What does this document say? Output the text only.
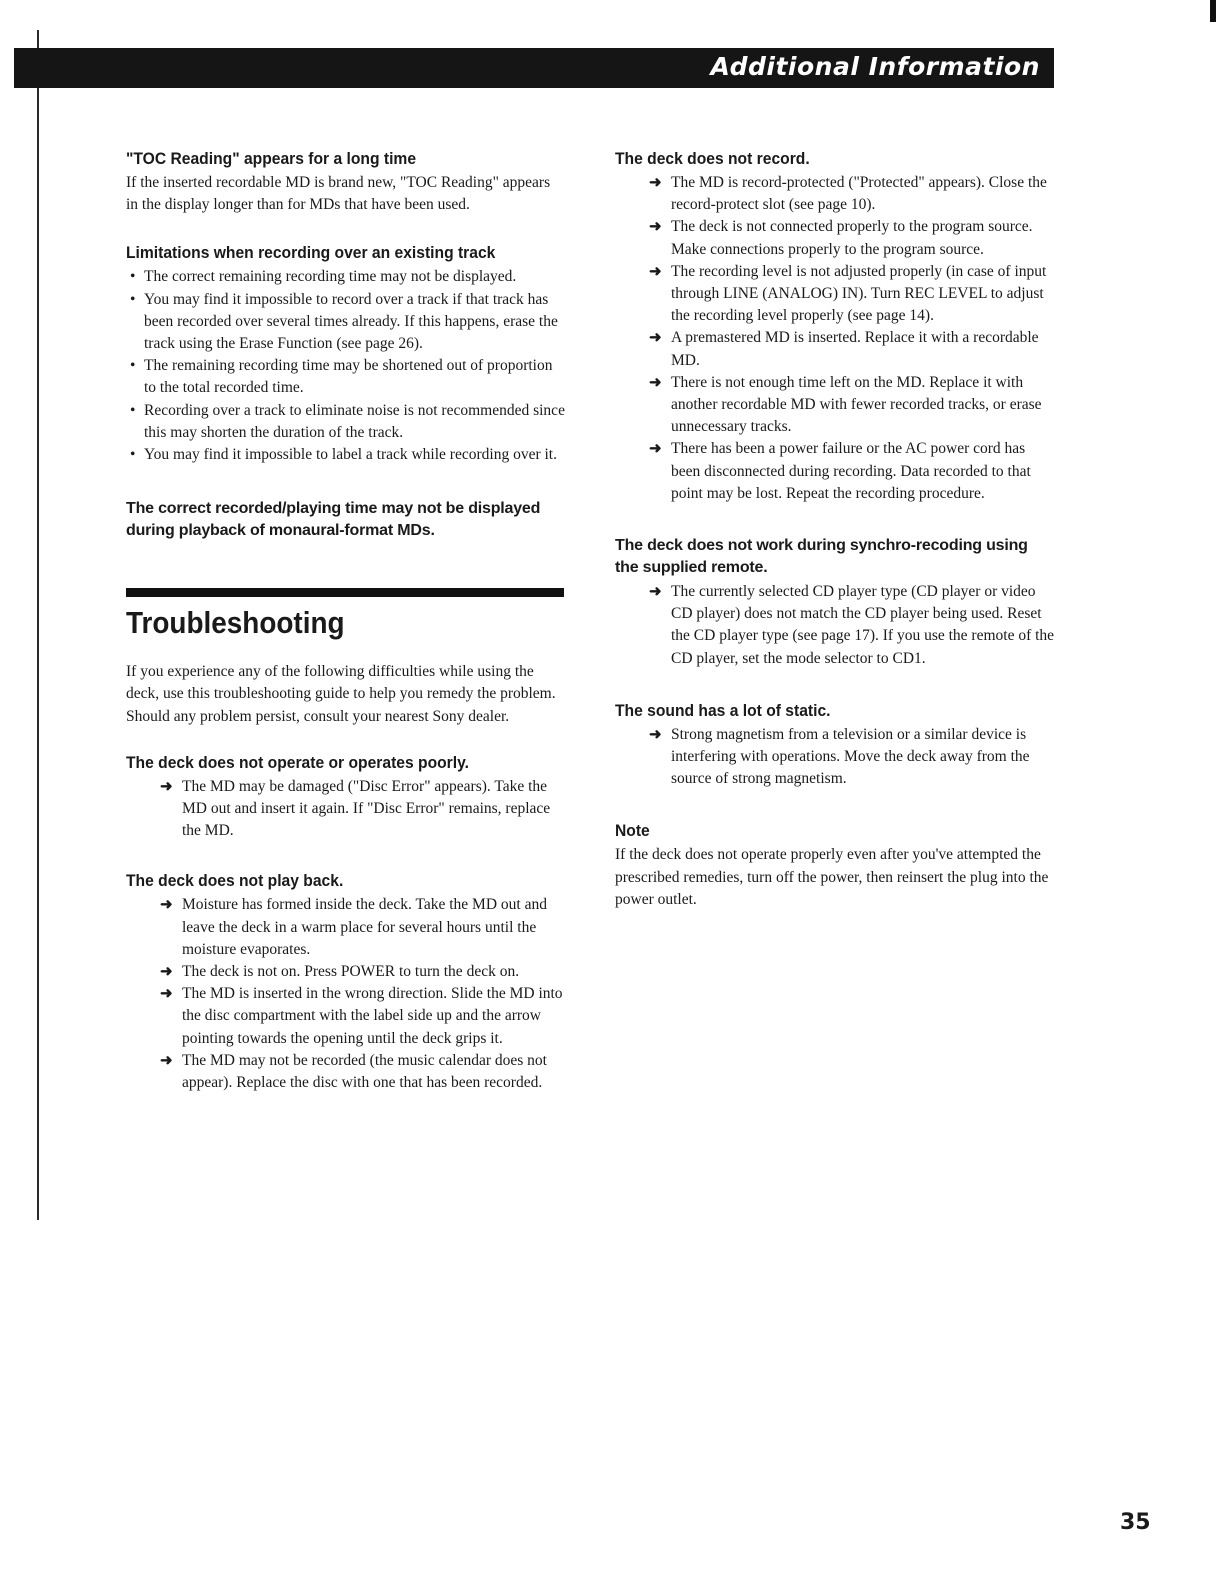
Additional Information
"TOC Reading" appears for a long time

If the inserted recordable MD is brand new, "TOC Reading" appears in the display longer than for MDs that have been used.

Limitations when recording over an existing track
• The correct remaining recording time may not be displayed.
• You may find it impossible to record over a track if that track has been recorded over several times already. If this happens, erase the track using the Erase Function (see page 26).
• The remaining recording time may be shortened out of proportion to the total recorded time.
• Recording over a track to eliminate noise is not recommended since this may shorten the duration of the track.
• You may find it impossible to label a track while recording over it.
The correct recorded/playing time may not be displayed during playback of monaural-format MDs.
Troubleshooting

If you experience any of the following difficulties while using the deck, use this troubleshooting guide to help you remedy the problem. Should any problem persist, consult your nearest Sony dealer.

The deck does not operate or operates poorly.
➜ The MD may be damaged ("Disc Error" appears). Take the MD out and insert it again. If "Disc Error" remains, replace the MD.
The deck does not play back.
➜ Moisture has formed inside the deck. Take the MD out and leave the deck in a warm place for several hours until the moisture evaporates.
➜ The deck is not on. Press POWER to turn the deck on.
➜ The MD is inserted in the wrong direction. Slide the MD into the disc compartment with the label side up and the arrow pointing towards the opening until the deck grips it.
➜ The MD may not be recorded (the music calendar does not appear). Replace the disc with one that has been recorded.
The deck does not record.
➜ The MD is record-protected ("Protected" appears). Close the record-protect slot (see page 10).
➜ The deck is not connected properly to the program source. Make connections properly to the program source.
➜ The recording level is not adjusted properly (in case of input through LINE (ANALOG) IN). Turn REC LEVEL to adjust the recording level properly (see page 14).
➜ A premastered MD is inserted. Replace it with a recordable MD.
➜ There is not enough time left on the MD. Replace it with another recordable MD with fewer recorded tracks, or erase unnecessary tracks.
➜ There has been a power failure or the AC power cord has been disconnected during recording. Data recorded to that point may be lost. Repeat the recording procedure.
The deck does not work during synchro-recoding using the supplied remote.
➜ The currently selected CD player type (CD player or video CD player) does not match the CD player being used. Reset the CD player type (see page 17). If you use the remote of the CD player, set the mode selector to CD1.
The sound has a lot of static.
➜ Strong magnetism from a television or a similar device is interfering with operations. Move the deck away from the source of strong magnetism.
Note

If the deck does not operate properly even after you've attempted the prescribed remedies, turn off the power, then reinsert the plug into the power outlet.

35
